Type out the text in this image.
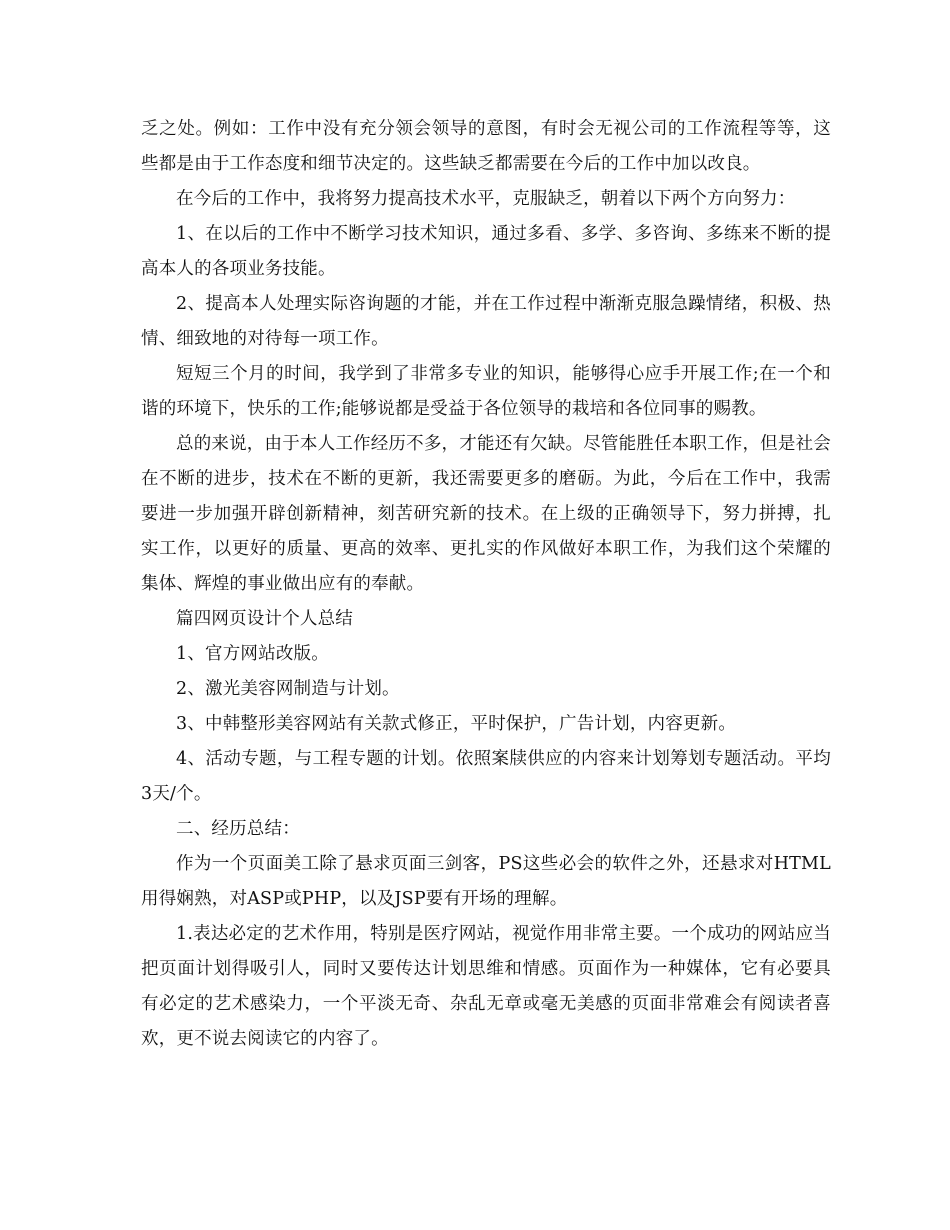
乏之处。例如：工作中没有充分领会领导的意图，有时会无视公司的工作流程等等，这些都是由于工作态度和细节决定的。这些缺乏都需要在今后的工作中加以改良。

在今后的工作中，我将努力提高技术水平，克服缺乏，朝着以下两个方向努力：

1、在以后的工作中不断学习技术知识，通过多看、多学、多咨询、多练来不断的提高本人的各项业务技能。

2、提高本人处理实际咨询题的才能，并在工作过程中渐渐克服急躁情绪，积极、热情、细致地的对待每一项工作。

短短三个月的时间，我学到了非常多专业的知识，能够得心应手开展工作;在一个和谐的环境下，快乐的工作;能够说都是受益于各位领导的栽培和各位同事的赐教。

总的来说，由于本人工作经历不多，才能还有欠缺。尽管能胜任本职工作，但是社会在不断的进步，技术在不断的更新，我还需要更多的磨砺。为此，今后在工作中，我需要进一步加强开辟创新精神，刻苦研究新的技术。在上级的正确领导下，努力拼搏，扎实工作，以更好的质量、更高的效率、更扎实的作风做好本职工作，为我们这个荣耀的集体、辉煌的事业做出应有的奉献。

篇四网页设计个人总结

1、官方网站改版。

2、激光美容网制造与计划。

3、中韩整形美容网站有关款式修正，平时保护，广告计划，内容更新。

4、活动专题，与工程专题的计划。依照案牍供应的内容来计划筹划专题活动。平均3天/个。

二、经历总结：

作为一个页面美工除了悬求页面三剑客，PS这些必会的软件之外，还悬求对HTML用得娴熟，对ASP或PHP，以及JSP要有开场的理解。

1.表达必定的艺术作用，特别是医疗网站，视觉作用非常主要。一个成功的网站应当把页面计划得吸引人，同时又要传达计划思维和情感。页面作为一种媒体，它有必要具有必定的艺术感染力，一个平淡无奇、杂乱无章或毫无美感的页面非常难会有阅读者喜欢，更不说去阅读它的内容了。
